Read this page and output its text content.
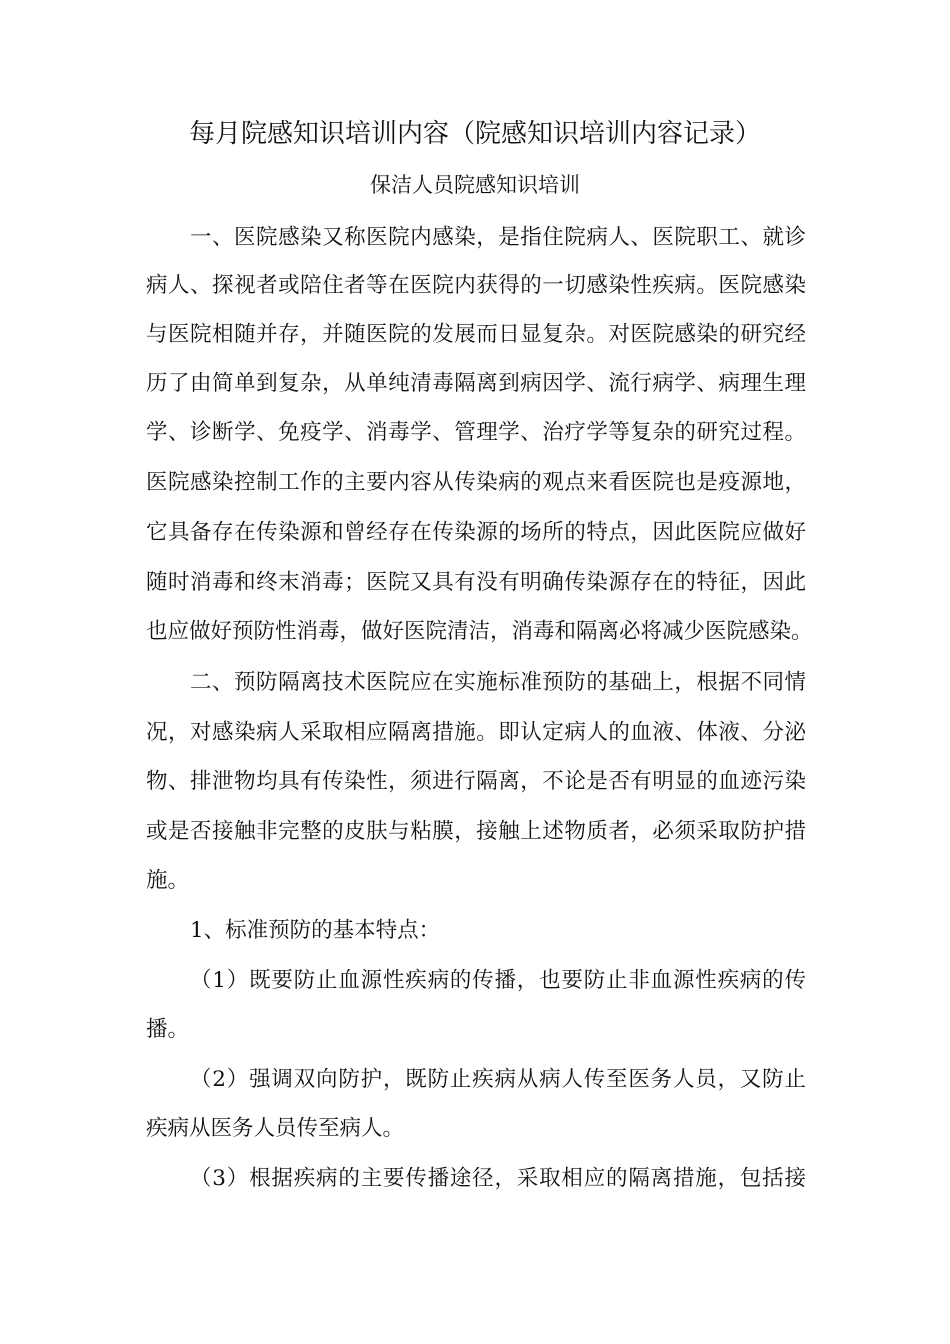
每月院感知识培训内容（院感知识培训内容记录）
保洁人员院感知识培训
一、医院感染又称医院内感染，是指住院病人、医院职工、就诊
病人、探视者或陪住者等在医院内获得的一切感染性疾病。医院感染
与医院相随并存，并随医院的发展而日显复杂。对医院感染的研究经
历了由简单到复杂，从单纯清毒隔离到病因学、流行病学、病理生理
学、诊断学、免疫学、消毒学、管理学、治疗学等复杂的研究过程。
医院感染控制工作的主要内容从传染病的观点来看医院也是疫源地，
它具备存在传染源和曾经存在传染源的场所的特点，因此医院应做好
随时消毒和终末消毒；医院又具有没有明确传染源存在的特征，因此
也应做好预防性消毒，做好医院清洁，消毒和隔离必将减少医院感染。
二、预防隔离技术医院应在实施标准预防的基础上，根据不同情
况，对感染病人采取相应隔离措施。即认定病人的血液、体液、分泌
物、排泄物均具有传染性，须进行隔离，不论是否有明显的血迹污染
或是否接触非完整的皮肤与粘膜，接触上述物质者，必须采取防护措
施。
1、标准预防的基本特点：
（1）既要防止血源性疾病的传播，也要防止非血源性疾病的传
播。
（2）强调双向防护，既防止疾病从病人传至医务人员，又防止
疾病从医务人员传至病人。
（3）根据疾病的主要传播途径，采取相应的隔离措施，包括接
